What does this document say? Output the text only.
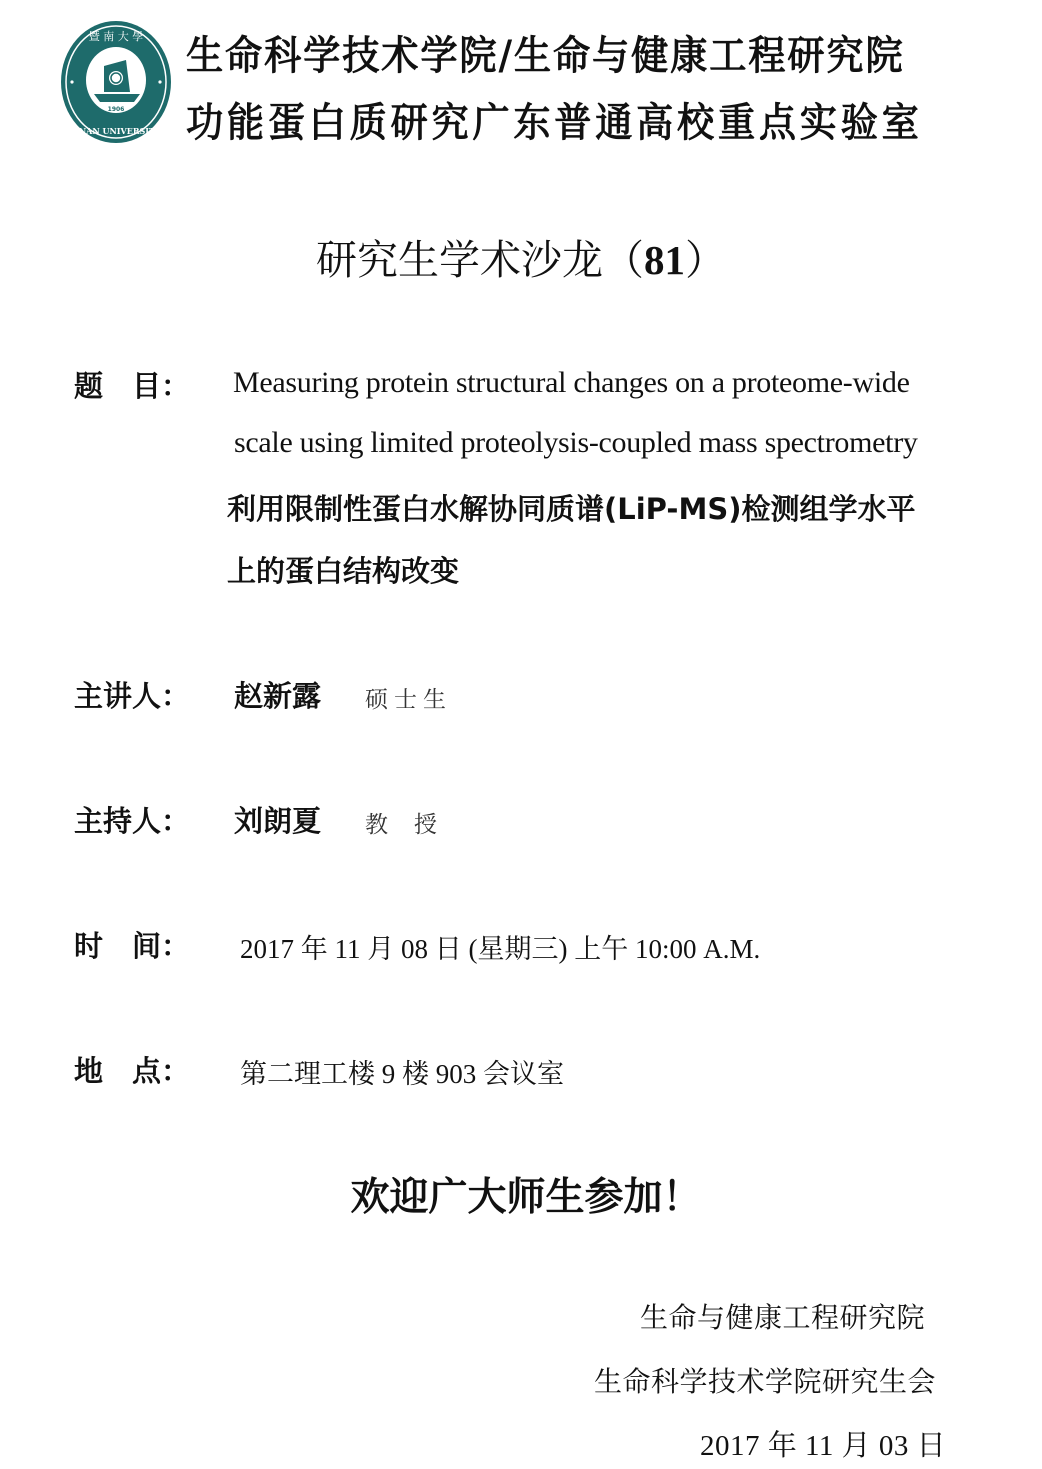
1906
暨 南 大 學
JINAN UNIVERSITY
生命科学技术学院/生命与健康工程研究院
功能蛋白质研究广东普通高校重点实验室
研究生学术沙龙（81）
题　目： Measuring protein structural changes on a proteome-wide
scale using limited proteolysis-coupled mass spectrometry
利用限制性蛋白水解协同质谱(LiP-MS)检测组学水平
上的蛋白结构改变
主讲人： 赵新露 硕士生
主持人： 刘朗夏 教授
时　间： 2017 年 11 月 08 日 (星期三) 上午 10:00 A.M.
地　点： 第二理工楼 9 楼 903 会议室
欢迎广大师生参加！
生命与健康工程研究院
生命科学技术学院研究生会
2017 年 11 月 03 日
